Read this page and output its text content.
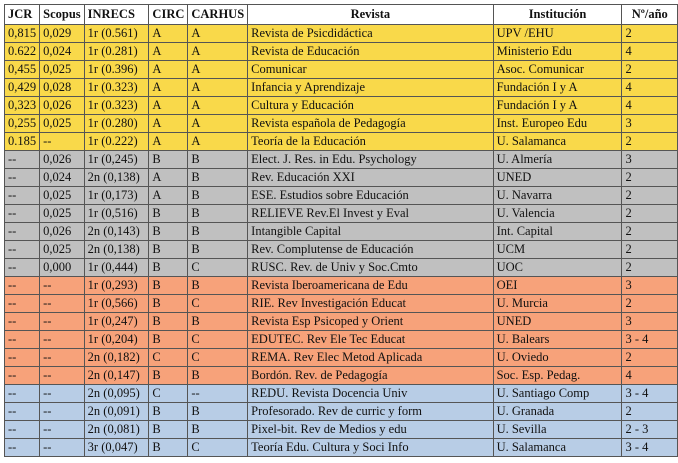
JCR	Scopus	INRECS	CIRC	CARHUS	Revista	Institución	Nº/año
0,815	0,029	1r (0.561)	A	A	Revista de Psicdidáctica	UPV /EHU	2
0.622	0,024	1r (0.281)	A	A	Revista de Educación	Ministerio Edu	4
0,455	0,025	1r (0.396)	A	A	Comunicar	Asoc. Comunicar	2
0,429	0,028	1r (0.323)	A	A	Infancia y Aprendizaje	Fundación I y A	4
0,323	0,026	1r (0.323)	A	A	Cultura y Educación	Fundación I y A	4
0,255	0,025	1r (0.280)	A	A	Revista española de Pedagogía	Inst. Europeo Edu	3
0.185	--	1r (0.222)	A	A	Teoría de la Educación	U. Salamanca	2
--	0,026	1r (0,245)	B	B	Elect. J. Res. in Edu. Psychology	U. Almería	3
--	0,024	2n (0,138)	A	B	Rev. Educación XXI	UNED	2
--	0,025	1r (0,173)	A	B	ESE. Estudios sobre Educación	U. Navarra	2
--	0,025	1r (0,516)	B	B	RELIEVE Rev.El Invest y Eval	U. Valencia	2
--	0,026	2n (0,143)	B	B	Intangible Capital	Int. Capital	2
--	0,025	2n (0,138)	B	B	Rev. Complutense de Educación	UCM	2
--	0,000	1r (0,444)	B	C	RUSC. Rev. de Univ y Soc.Cmto	UOC	2
--	--	1r (0,293)	B	B	Revista Iberoamericana de Edu	OEI	3
--	--	1r (0,566)	B	C	RIE. Rev Investigación Educat	U. Murcia	2
--	--	1r (0,247)	B	B	Revista Esp Psicoped y Orient	UNED	3
--	--	1r (0,204)	B	C	EDUTEC. Rev Ele Tec Educat	U. Balears	3 - 4
--	--	2n (0,182)	C	C	REMA. Rev Elec Metod Aplicada	U. Oviedo	2
--	--	2n (0,147)	B	B	Bordón. Rev. de Pedagogía	Soc. Esp. Pedag.	4
--	--	2n (0,095)	C	--	REDU. Revista Docencia Univ	U. Santiago Comp	3 - 4
--	--	2n (0,091)	B	B	Profesorado. Rev de curric y form	U. Granada	2
--	--	2n (0,081)	B	B	Pixel-bit. Rev de Medios y edu	U. Sevilla	2 - 3
--	--	3r (0,047)	B	C	Teoría Edu. Cultura y Soci Info	U. Salamanca	3 - 4
